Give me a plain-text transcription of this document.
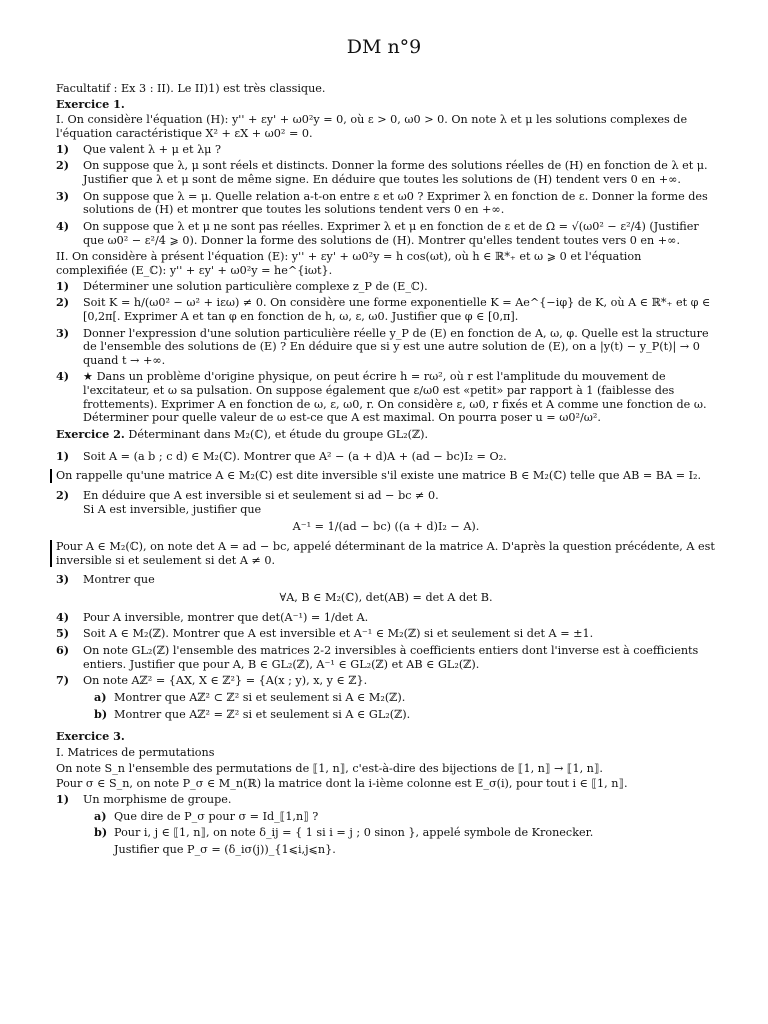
DM n°9

Facultatif : Ex 3 : II). Le II)1) est très classique.

Exercice 1.

I. On considère l'équation (H): y'' + εy' + ω0²y = 0, où ε > 0, ω0 > 0. On note λ et μ les solutions complexes de l'équation caractéristique X² + εX + ω0² = 0.

1) Que valent λ + μ et λμ ?
2) On suppose que λ, μ sont réels et distincts. Donner la forme des solutions réelles de (H) en fonction de λ et μ. Justifier que λ et μ sont de même signe. En déduire que toutes les solutions de (H) tendent vers 0 en +∞.
3) On suppose que λ = μ. Quelle relation a-t-on entre ε et ω0 ? Exprimer λ en fonction de ε. Donner la forme des solutions de (H) et montrer que toutes les solutions tendent vers 0 en +∞.
4) On suppose que λ et μ ne sont pas réelles. Exprimer λ et μ en fonction de ε et de Ω = √(ω0² − ε²/4) (Justifier que ω0² − ε²/4 ⩾ 0). Donner la forme des solutions de (H). Montrer qu'elles tendent toutes vers 0 en +∞.

II. On considère à présent l'équation (E): y'' + εy' + ω0²y = h cos(ωt), où h ∈ ℝ*₊ et ω ⩾ 0 et l'équation complexifiée (E_ℂ): y'' + εy' + ω0²y = he^{iωt}.

1) Déterminer une solution particulière complexe z_P de (E_ℂ).
2) Soit K = h/(ω0² − ω² + iεω) ≠ 0. On considère une forme exponentielle K = Ae^{−iφ} de K, où A ∈ ℝ*₊ et φ ∈ [0,2π[. Exprimer A et tan φ en fonction de h, ω, ε, ω0. Justifier que φ ∈ [0,π].
3) Donner l'expression d'une solution particulière réelle y_P de (E) en fonction de A, ω, φ. Quelle est la structure de l'ensemble des solutions de (E) ? En déduire que si y est une autre solution de (E), on a |y(t) − y_P(t)| → 0 quand t → +∞.
4) ★ Dans un problème d'origine physique, on peut écrire h = rω², où r est l'amplitude du mouvement de l'excitateur, et ω sa pulsation. On suppose également que ε/ω0 est «petit» par rapport à 1 (faiblesse des frottements). Exprimer A en fonction de ω, ε, ω0, r. On considère ε, ω0, r fixés et A comme une fonction de ω. Déterminer pour quelle valeur de ω est-ce que A est maximal. On pourra poser u = ω0²/ω².

Exercice 2. Déterminant dans M₂(ℂ), et étude du groupe GL₂(ℤ).

1) Soit A = (a b ; c d) ∈ M₂(ℂ). Montrer que A² − (a + d)A + (ad − bc)I₂ = O₂.
On rappelle qu'une matrice A ∈ M₂(ℂ) est dite inversible s'il existe une matrice B ∈ M₂(ℂ) telle que AB = BA = I₂.
2) En déduire que A est inversible si et seulement si ad − bc ≠ 0.
Si A est inversible, justifier que
A⁻¹ = 1/(ad − bc) ((a + d)I₂ − A).
Pour A ∈ M₂(ℂ), on note det A = ad − bc, appelé déterminant de la matrice A. D'après la question précédente, A est inversible si et seulement si det A ≠ 0.
3) Montrer que
∀A, B ∈ M₂(ℂ), det(AB) = det A det B.
4) Pour A inversible, montrer que det(A⁻¹) = 1/det A.
5) Soit A ∈ M₂(ℤ). Montrer que A est inversible et A⁻¹ ∈ M₂(ℤ) si et seulement si det A = ±1.
6) On note GL₂(ℤ) l'ensemble des matrices 2-2 inversibles à coefficients entiers dont l'inverse est à coefficients entiers. Justifier que pour A, B ∈ GL₂(ℤ), A⁻¹ ∈ GL₂(ℤ) et AB ∈ GL₂(ℤ).
7) On note Aℤ² = {AX, X ∈ ℤ²} = {A(x ; y), x, y ∈ ℤ}.
a) Montrer que Aℤ² ⊂ ℤ² si et seulement si A ∈ M₂(ℤ).
b) Montrer que Aℤ² = ℤ² si et seulement si A ∈ GL₂(ℤ).

Exercice 3.

I. Matrices de permutations

On note S_n l'ensemble des permutations de ⟦1, n⟧, c'est-à-dire des bijections de ⟦1, n⟧ → ⟦1, n⟧.

Pour σ ∈ S_n, on note P_σ ∈ M_n(ℝ) la matrice dont la i-ième colonne est E_σ(i), pour tout i ∈ ⟦1, n⟧.

1) Un morphisme de groupe.
a) Que dire de P_σ pour σ = Id_⟦1,n⟧ ?
b) Pour i, j ∈ ⟦1, n⟧, on note δ_ij = { 1 si i = j ; 0 sinon }, appelé symbole de Kronecker.
Justifier que P_σ = (δ_iσ(j))_{1⩽i,j⩽n}.
